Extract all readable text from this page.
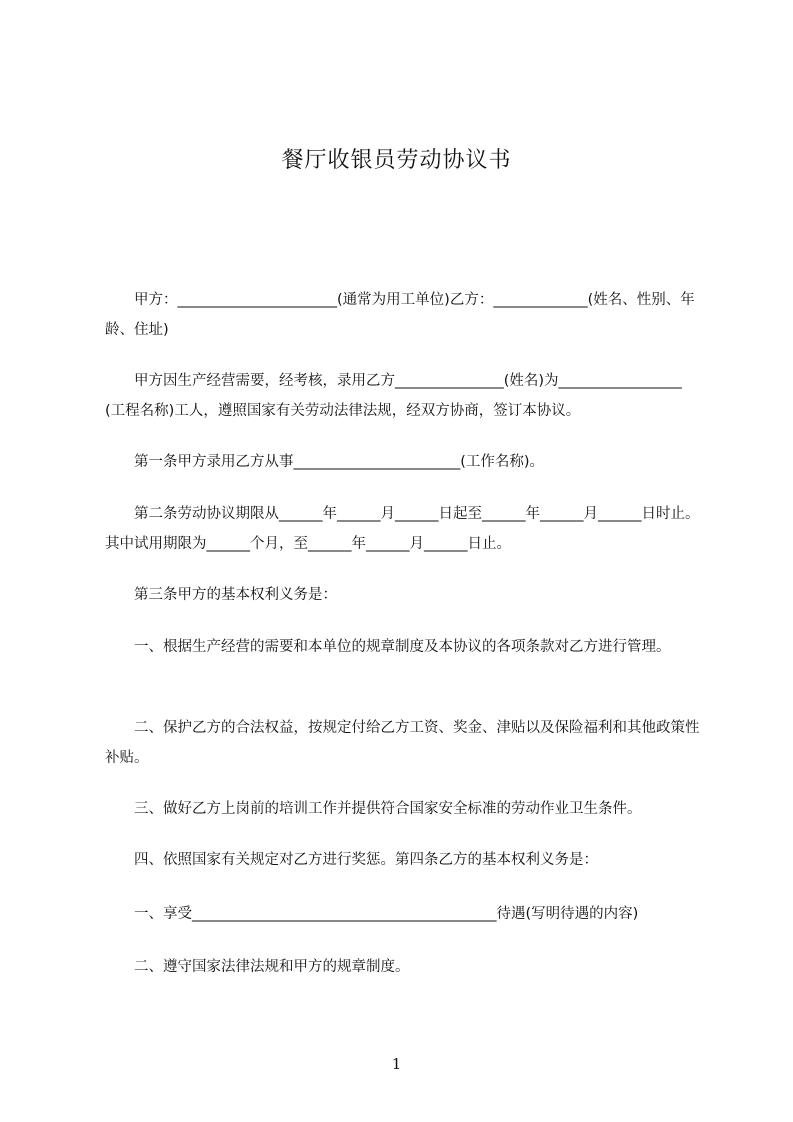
餐厅收银员劳动协议书
　　甲方：______________________(通常为用工单位)乙方：_____________(姓名、性别、年龄、住址)
　　甲方因生产经营需要，经考核，录用乙方_______________(姓名)为_________________(工程名称)工人，遵照国家有关劳动法律法规，经双方协商，签订本协议。
　　第一条甲方录用乙方从事_______________________(工作名称)。
　　第二条劳动协议期限从______年______月______日起至______年______月______日时止。其中试用期限为______个月，至______年______月______日止。
　　第三条甲方的基本权利义务是：
　　一、根据生产经营的需要和本单位的规章制度及本协议的各项条款对乙方进行管理。
　　二、保护乙方的合法权益，按规定付给乙方工资、奖金、津贴以及保险福利和其他政策性补贴。
　　三、做好乙方上岗前的培训工作并提供符合国家安全标准的劳动作业卫生条件。
　　四、依照国家有关规定对乙方进行奖惩。第四条乙方的基本权利义务是：
　　一、享受__________________________________________待遇(写明待遇的内容)
　　二、遵守国家法律法规和甲方的规章制度。
1
